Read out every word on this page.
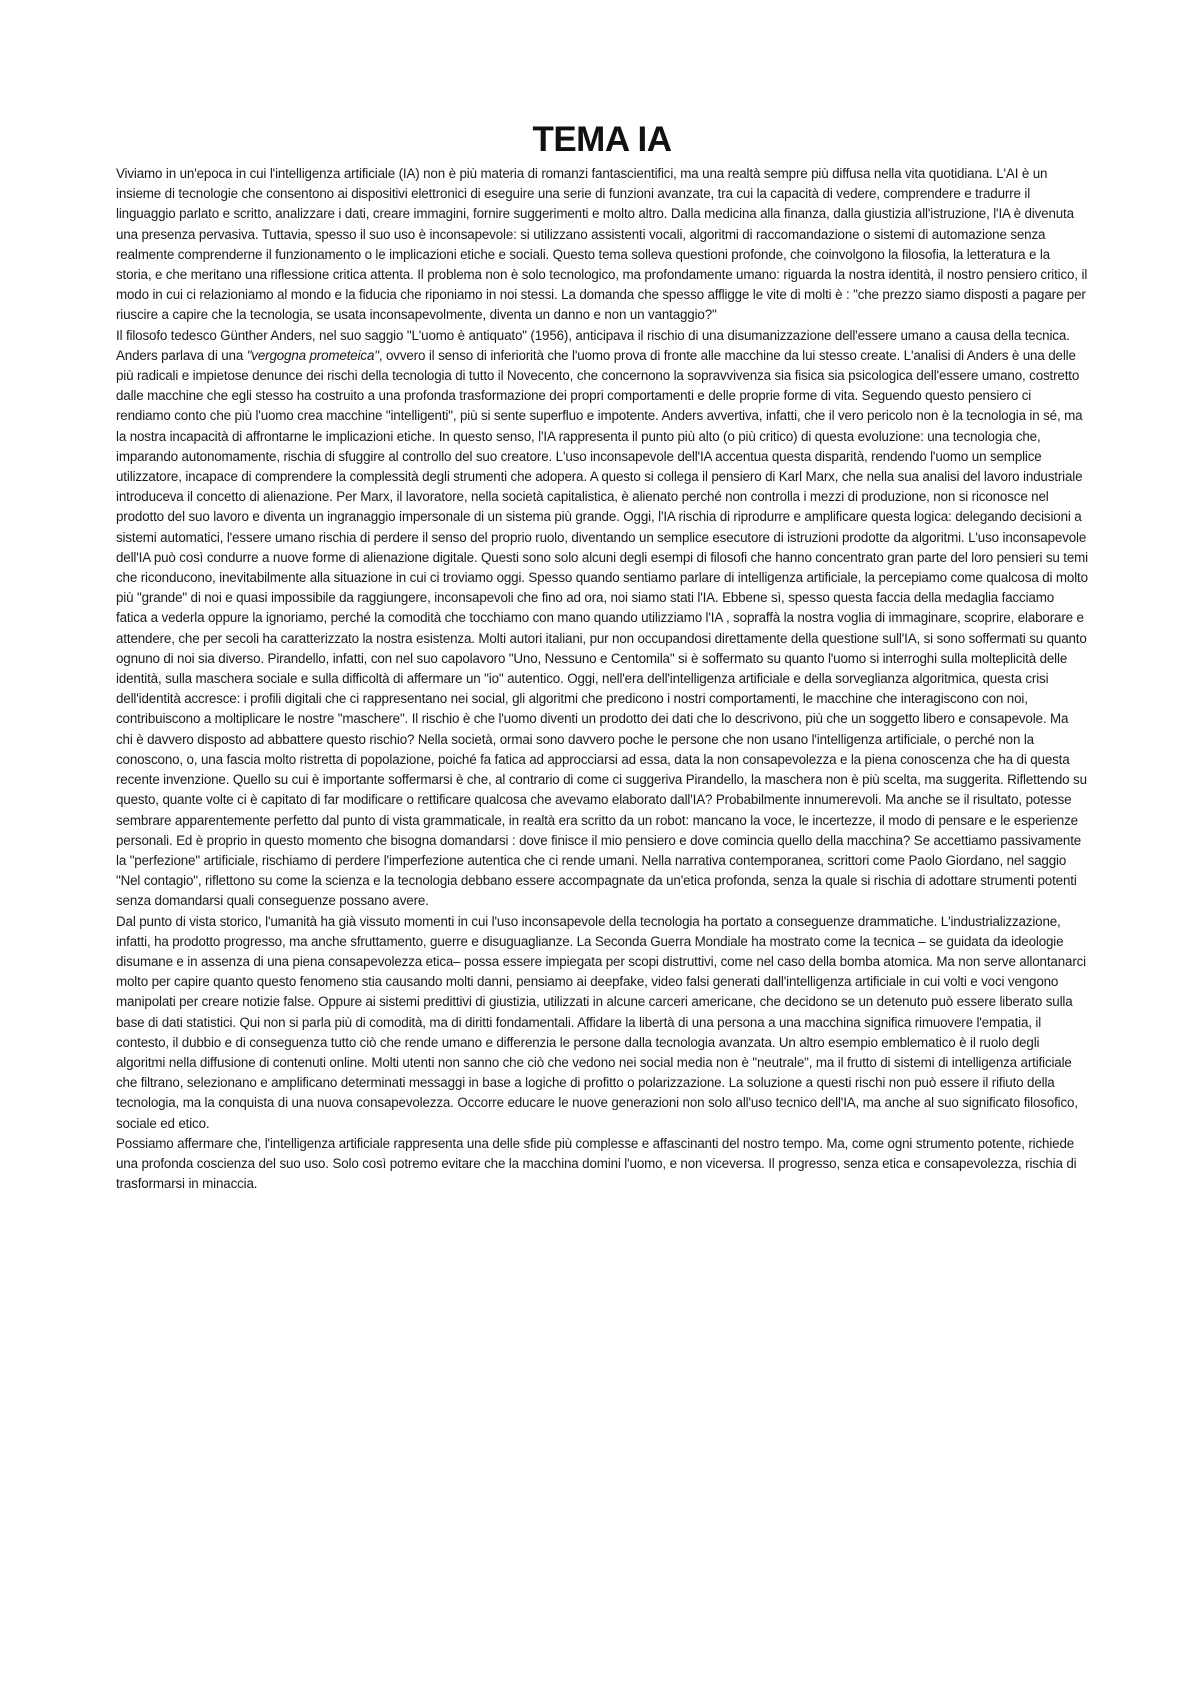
TEMA IA

Viviamo in un'epoca in cui l'intelligenza artificiale (IA) non è più materia di romanzi fantascientifici, ma una realtà sempre più diffusa nella vita quotidiana. L'AI è un insieme di tecnologie che consentono ai dispositivi elettronici di eseguire una serie di funzioni avanzate, tra cui la capacità di vedere, comprendere e tradurre il linguaggio parlato e scritto, analizzare i dati, creare immagini, fornire suggerimenti e molto altro. Dalla medicina alla finanza, dalla giustizia all'istruzione, l'IA è divenuta una presenza pervasiva. Tuttavia, spesso il suo uso è inconsapevole: si utilizzano assistenti vocali, algoritmi di raccomandazione o sistemi di automazione senza realmente comprenderne il funzionamento o le implicazioni etiche e sociali. Questo tema solleva questioni profonde, che coinvolgono la filosofia, la letteratura e la storia, e che meritano una riflessione critica attenta. Il problema non è solo tecnologico, ma profondamente umano: riguarda la nostra identità, il nostro pensiero critico, il modo in cui ci relazioniamo al mondo e la fiducia che riponiamo in noi stessi. La domanda che spesso affligge le vite di molti è : "che prezzo siamo disposti a pagare per riuscire a capire che la tecnologia, se usata inconsapevolmente, diventa un danno e non un vantaggio?"

Il filosofo tedesco Günther Anders, nel suo saggio "L'uomo è antiquato" (1956), anticipava il rischio di una disumanizzazione dell'essere umano a causa della tecnica. Anders parlava di una "vergogna prometeica", ovvero il senso di inferiorità che l'uomo prova di fronte alle macchine da lui stesso create. L'analisi di Anders è una delle più radicali e impietose denunce dei rischi della tecnologia di tutto il Novecento, che concernono la sopravvivenza sia fisica sia psicologica dell'essere umano, costretto dalle macchine che egli stesso ha costruito a una profonda trasformazione dei propri comportamenti e delle proprie forme di vita. Seguendo questo pensiero ci rendiamo conto che più l'uomo crea macchine "intelligenti", più si sente superfluo e impotente. Anders avvertiva, infatti, che il vero pericolo non è la tecnologia in sé, ma la nostra incapacità di affrontarne le implicazioni etiche. In questo senso, l'IA rappresenta il punto più alto (o più critico) di questa evoluzione: una tecnologia che, imparando autonomamente, rischia di sfuggire al controllo del suo creatore. L'uso inconsapevole dell'IA accentua questa disparità, rendendo l'uomo un semplice utilizzatore, incapace di comprendere la complessità degli strumenti che adopera. A questo si collega il pensiero di Karl Marx, che nella sua analisi del lavoro industriale introduceva il concetto di alienazione. Per Marx, il lavoratore, nella società capitalistica, è alienato perché non controlla i mezzi di produzione, non si riconosce nel prodotto del suo lavoro e diventa un ingranaggio impersonale di un sistema più grande. Oggi, l'IA rischia di riprodurre e amplificare questa logica: delegando decisioni a sistemi automatici, l'essere umano rischia di perdere il senso del proprio ruolo, diventando un semplice esecutore di istruzioni prodotte da algoritmi. L'uso inconsapevole dell'IA può così condurre a nuove forme di alienazione digitale. Questi sono solo alcuni degli esempi di filosofi che hanno concentrato gran parte del loro pensieri su temi che riconducono, inevitabilmente alla situazione in cui ci troviamo oggi. Spesso quando sentiamo parlare di intelligenza artificiale, la percepiamo come qualcosa di molto più "grande" di noi e quasi impossibile da raggiungere, inconsapevoli che fino ad ora, noi siamo stati l'IA. Ebbene sì, spesso questa faccia della medaglia facciamo fatica a vederla oppure la ignoriamo, perché la comodità che tocchiamo con mano quando utilizziamo l'IA , sopraffà la nostra voglia di immaginare, scoprire, elaborare e attendere, che per secoli ha caratterizzato la nostra esistenza. Molti autori italiani, pur non occupandosi direttamente della questione sull'IA, si sono soffermati su quanto ognuno di noi sia diverso. Pirandello, infatti, con nel suo capolavoro "Uno, Nessuno e Centomila" si è soffermato su quanto l'uomo si interroghi sulla molteplicità delle identità, sulla maschera sociale e sulla difficoltà di affermare un "io" autentico. Oggi, nell'era dell'intelligenza artificiale e della sorveglianza algoritmica, questa crisi dell'identità accresce: i profili digitali che ci rappresentano nei social, gli algoritmi che predicono i nostri comportamenti, le macchine che interagiscono con noi, contribuiscono a moltiplicare le nostre "maschere". Il rischio è che l'uomo diventi un prodotto dei dati che lo descrivono, più che un soggetto libero e consapevole. Ma chi è davvero disposto ad abbattere questo rischio? Nella società, ormai sono davvero poche le persone che non usano l'intelligenza artificiale, o perché non la conoscono, o, una fascia molto ristretta di popolazione, poiché fa fatica ad approcciarsi ad essa, data la non consapevolezza e la piena conoscenza che ha di questa recente invenzione. Quello su cui è importante soffermarsi è che, al contrario di come ci suggeriva Pirandello, la maschera non è più scelta, ma suggerita. Riflettendo su questo, quante volte ci è capitato di far modificare o rettificare qualcosa che avevamo elaborato dall'IA? Probabilmente innumerevoli. Ma anche se il risultato, potesse sembrare apparentemente perfetto dal punto di vista grammaticale, in realtà era scritto da un robot: mancano la voce, le incertezze, il modo di pensare e le esperienze personali. Ed è proprio in questo momento che bisogna domandarsi : dove finisce il mio pensiero e dove comincia quello della macchina? Se accettiamo passivamente la "perfezione" artificiale, rischiamo di perdere l'imperfezione autentica che ci rende umani. Nella narrativa contemporanea, scrittori come Paolo Giordano, nel saggio "Nel contagio", riflettono su come la scienza e la tecnologia debbano essere accompagnate da un'etica profonda, senza la quale si rischia di adottare strumenti potenti senza domandarsi quali conseguenze possano avere.

Dal punto di vista storico, l'umanità ha già vissuto momenti in cui l'uso inconsapevole della tecnologia ha portato a conseguenze drammatiche. L'industrializzazione, infatti, ha prodotto progresso, ma anche sfruttamento, guerre e disuguaglianze. La Seconda Guerra Mondiale ha mostrato come la tecnica – se guidata da ideologie disumane e in assenza di una piena consapevolezza etica– possa essere impiegata per scopi distruttivi, come nel caso della bomba atomica. Ma non serve allontanarci molto per capire quanto questo fenomeno stia causando molti danni, pensiamo ai deepfake, video falsi generati dall'intelligenza artificiale in cui volti e voci vengono manipolati per creare notizie false. Oppure ai sistemi predittivi di giustizia, utilizzati in alcune carceri americane, che decidono se un detenuto può essere liberato sulla base di dati statistici. Qui non si parla più di comodità, ma di diritti fondamentali. Affidare la libertà di una persona a una macchina significa rimuovere l'empatia, il contesto, il dubbio e di conseguenza tutto ciò che rende umano e differenzia le persone dalla tecnologia avanzata. Un altro esempio emblematico è il ruolo degli algoritmi nella diffusione di contenuti online. Molti utenti non sanno che ciò che vedono nei social media non è "neutrale", ma il frutto di sistemi di intelligenza artificiale che filtrano, selezionano e amplificano determinati messaggi in base a logiche di profitto o polarizzazione. La soluzione a questi rischi non può essere il rifiuto della tecnologia, ma la conquista di una nuova consapevolezza. Occorre educare le nuove generazioni non solo all'uso tecnico dell'IA, ma anche al suo significato filosofico, sociale ed etico.

Possiamo affermare che, l'intelligenza artificiale rappresenta una delle sfide più complesse e affascinanti del nostro tempo. Ma, come ogni strumento potente, richiede una profonda coscienza del suo uso. Solo così potremo evitare che la macchina domini l'uomo, e non viceversa. Il progresso, senza etica e consapevolezza, rischia di trasformarsi in minaccia.
